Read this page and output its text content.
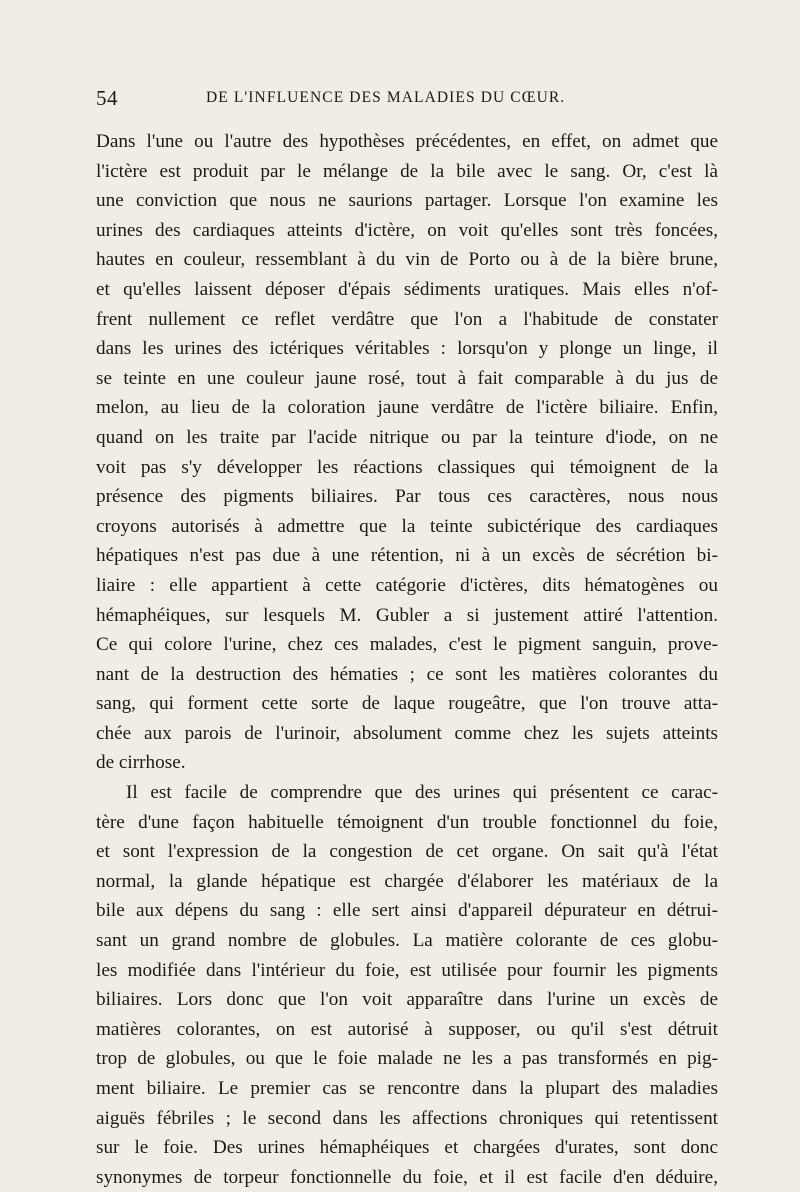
54	DE L'INFLUENCE DES MALADIES DU CŒUR.
Dans l'une ou l'autre des hypothèses précédentes, en effet, on admet que
l'ictère est produit par le mélange de la bile avec le sang. Or, c'est là
une conviction que nous ne saurions partager. Lorsque l'on examine les
urines des cardiaques atteints d'ictère, on voit qu'elles sont très foncées,
hautes en couleur, ressemblant à du vin de Porto ou à de la bière brune,
et qu'elles laissent déposer d'épais sédiments uratiques. Mais elles n'of-
frent nullement ce reflet verdâtre que l'on a l'habitude de constater
dans les urines des ictériques véritables : lorsqu'on y plonge un linge, il
se teinte en une couleur jaune rosé, tout à fait comparable à du jus de
melon, au lieu de la coloration jaune verdâtre de l'ictère biliaire. Enfin,
quand on les traite par l'acide nitrique ou par la teinture d'iode, on ne
voit pas s'y développer les réactions classiques qui témoignent de la
présence des pigments biliaires. Par tous ces caractères, nous nous
croyons autorisés à admettre que la teinte subictérique des cardiaques
hépatiques n'est pas due à une rétention, ni à un excès de sécrétion bi-
liaire : elle appartient à cette catégorie d'ictères, dits hématogènes ou
hémaphéiques, sur lesquels M. Gubler a si justement attiré l'attention.
Ce qui colore l'urine, chez ces malades, c'est le pigment sanguin, prove-
nant de la destruction des hématies ; ce sont les matières colorantes du
sang, qui forment cette sorte de laque rougeâtre, que l'on trouve atta-
chée aux parois de l'urinoir, absolument comme chez les sujets atteints
de cirrhose.
Il est facile de comprendre que des urines qui présentent ce carac-
tère d'une façon habituelle témoignent d'un trouble fonctionnel du foie,
et sont l'expression de la congestion de cet organe. On sait qu'à l'état
normal, la glande hépatique est chargée d'élaborer les matériaux de la
bile aux dépens du sang : elle sert ainsi d'appareil dépurateur en détrui-
sant un grand nombre de globules. La matière colorante de ces globu-
les modifiée dans l'intérieur du foie, est utilisée pour fournir les pigments
biliaires. Lors donc que l'on voit apparaître dans l'urine un excès de
matières colorantes, on est autorisé à supposer, ou qu'il s'est détruit
trop de globules, ou que le foie malade ne les a pas transformés en pig-
ment biliaire. Le premier cas se rencontre dans la plupart des maladies
aiguës fébriles ; le second dans les affections chroniques qui retentissent
sur le foie. Des urines hémaphéiques et chargées d'urates, sont donc
synonymes de torpeur fonctionnelle du foie, et il est facile d'en déduire,
